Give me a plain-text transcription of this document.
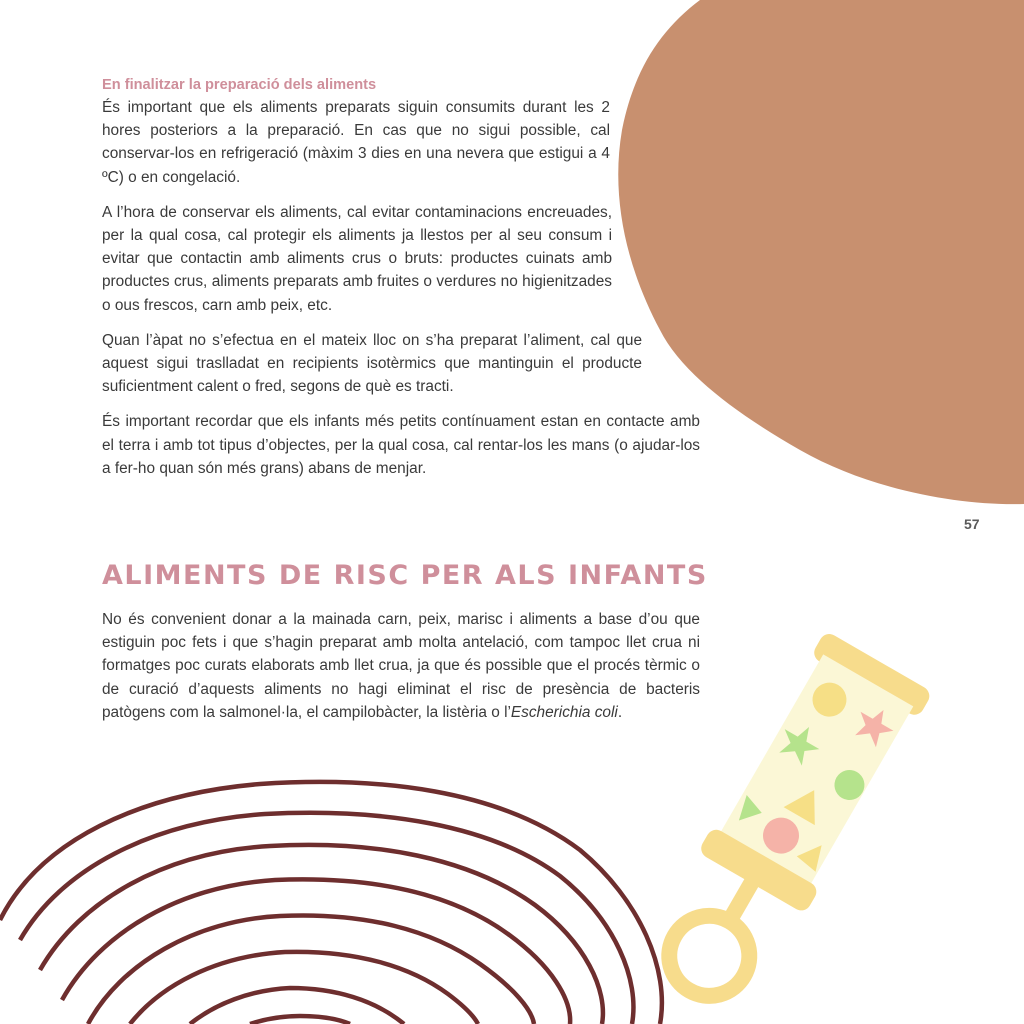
En finalitzar la preparació dels aliments

És important que els aliments preparats siguin consumits durant les 2 hores posteriors a la preparació. En cas que no sigui possible, cal conservar-los en refrigeració (màxim 3 dies en una nevera que estigui a 4 ºC) o en congelació.

A l’hora de conservar els aliments, cal evitar contaminacions encreuades, per la qual cosa, cal protegir els aliments ja llestos per al seu consum i evitar que contactin amb aliments crus o bruts: productes cuinats amb productes crus, aliments preparats amb fruites o verdures no higienitzades o ous frescos, carn amb peix, etc.

Quan l’àpat no s’efectua en el mateix lloc on s’ha preparat l’aliment, cal que aquest sigui traslladat en recipients isotèrmics que mantinguin el producte suficientment calent o fred, segons de què es tracti.

És important recordar que els infants més petits contínuament estan en contacte amb el terra i amb tot tipus d’objectes, per la qual cosa, cal rentar-los les mans (o ajudar-los a fer-ho quan són més grans) abans de menjar.

57
ALIMENTS DE RISC PER ALS INFANTS

No és convenient donar a la mainada carn, peix, marisc i aliments a base d’ou que estiguin poc fets i que s’hagin preparat amb molta antelació, com tampoc llet crua ni formatges poc curats elaborats amb llet crua, ja que és possible que el procés tèrmic o de curació d’aquests aliments no hagi eliminat el risc de presència de bacteris patògens com la salmonel·la, el campilobàcter, la listèria o l’Escherichia coli.
